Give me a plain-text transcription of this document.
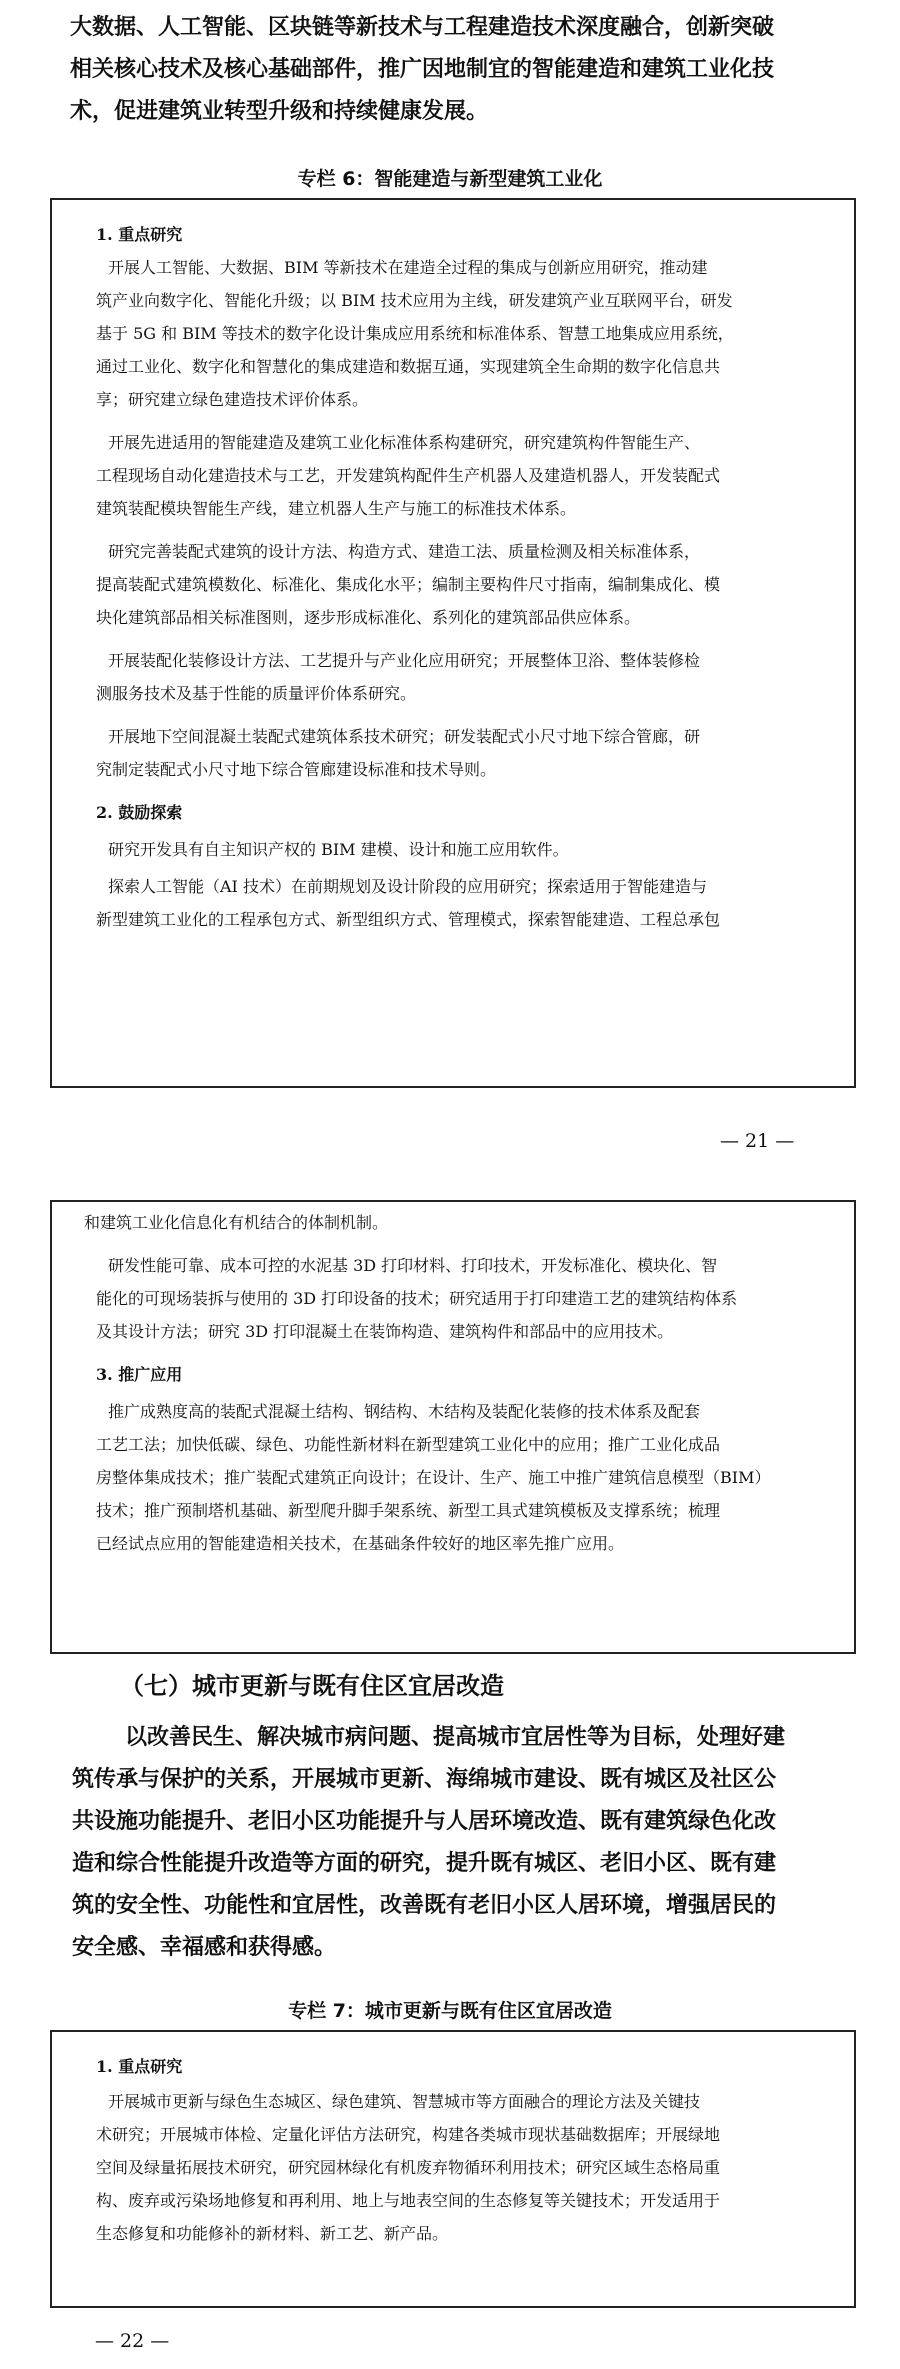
大数据、人工智能、区块链等新技术与工程建造技术深度融合，创新突破
相关核心技术及核心基础部件，推广因地制宜的智能建造和建筑工业化技
术，促进建筑业转型升级和持续健康发展。
专栏 6：智能建造与新型建筑工业化
1. 重点研究

开展人工智能、大数据、BIM 等新技术在建造全过程的集成与创新应用研究，推动建
筑产业向数字化、智能化升级；以 BIM 技术应用为主线，研发建筑产业互联网平台，研发
基于 5G 和 BIM 等技术的数字化设计集成应用系统和标准体系、智慧工地集成应用系统，
通过工业化、数字化和智慧化的集成建造和数据互通，实现建筑全生命期的数字化信息共
享；研究建立绿色建造技术评价体系。

开展先进适用的智能建造及建筑工业化标准体系构建研究，研究建筑构件智能生产、
工程现场自动化建造技术与工艺，开发建筑构配件生产机器人及建造机器人，开发装配式
建筑装配模块智能生产线，建立机器人生产与施工的标准技术体系。

研究完善装配式建筑的设计方法、构造方式、建造工法、质量检测及相关标准体系，
提高装配式建筑模数化、标准化、集成化水平；编制主要构件尺寸指南，编制集成化、模
块化建筑部品相关标准图则，逐步形成标准化、系列化的建筑部品供应体系。

开展装配化装修设计方法、工艺提升与产业化应用研究；开展整体卫浴、整体装修检
测服务技术及基于性能的质量评价体系研究。

开展地下空间混凝土装配式建筑体系技术研究；研发装配式小尺寸地下综合管廊，研
究制定装配式小尺寸地下综合管廊建设标准和技术导则。

2. 鼓励探索

研究开发具有自主知识产权的 BIM 建模、设计和施工应用软件。

探索人工智能（AI 技术）在前期规划及设计阶段的应用研究；探索适用于智能建造与
新型建筑工业化的工程承包方式、新型组织方式、管理模式，探索智能建造、工程总承包

— 21 —

和建筑工业化信息化有机结合的体制机制。

研发性能可靠、成本可控的水泥基 3D 打印材料、打印技术，开发标准化、模块化、智
能化的可现场装拆与使用的 3D 打印设备的技术；研究适用于打印建造工艺的建筑结构体系
及其设计方法；研究 3D 打印混凝土在装饰构造、建筑构件和部品中的应用技术。

3. 推广应用

推广成熟度高的装配式混凝土结构、钢结构、木结构及装配化装修的技术体系及配套
工艺工法；加快低碳、绿色、功能性新材料在新型建筑工业化中的应用；推广工业化成品
房整体集成技术；推广装配式建筑正向设计；在设计、生产、施工中推广建筑信息模型（BIM）
技术；推广预制塔机基础、新型爬升脚手架系统、新型工具式建筑模板及支撑系统；梳理
已经试点应用的智能建造相关技术，在基础条件较好的地区率先推广应用。

（七）城市更新与既有住区宜居改造
以改善民生、解决城市病问题、提高城市宜居性等为目标，处理好建
筑传承与保护的关系，开展城市更新、海绵城市建设、既有城区及社区公
共设施功能提升、老旧小区功能提升与人居环境改造、既有建筑绿色化改
造和综合性能提升改造等方面的研究，提升既有城区、老旧小区、既有建
筑的安全性、功能性和宜居性，改善既有老旧小区人居环境，增强居民的
安全感、幸福感和获得感。
专栏 7：城市更新与既有住区宜居改造
1. 重点研究

开展城市更新与绿色生态城区、绿色建筑、智慧城市等方面融合的理论方法及关键技
术研究；开展城市体检、定量化评估方法研究，构建各类城市现状基础数据库；开展绿地
空间及绿量拓展技术研究，研究园林绿化有机废弃物循环利用技术；研究区域生态格局重
构、废弃或污染场地修复和再利用、地上与地表空间的生态修复等关键技术；开发适用于
生态修复和功能修补的新材料、新工艺、新产品。

— 22 —
